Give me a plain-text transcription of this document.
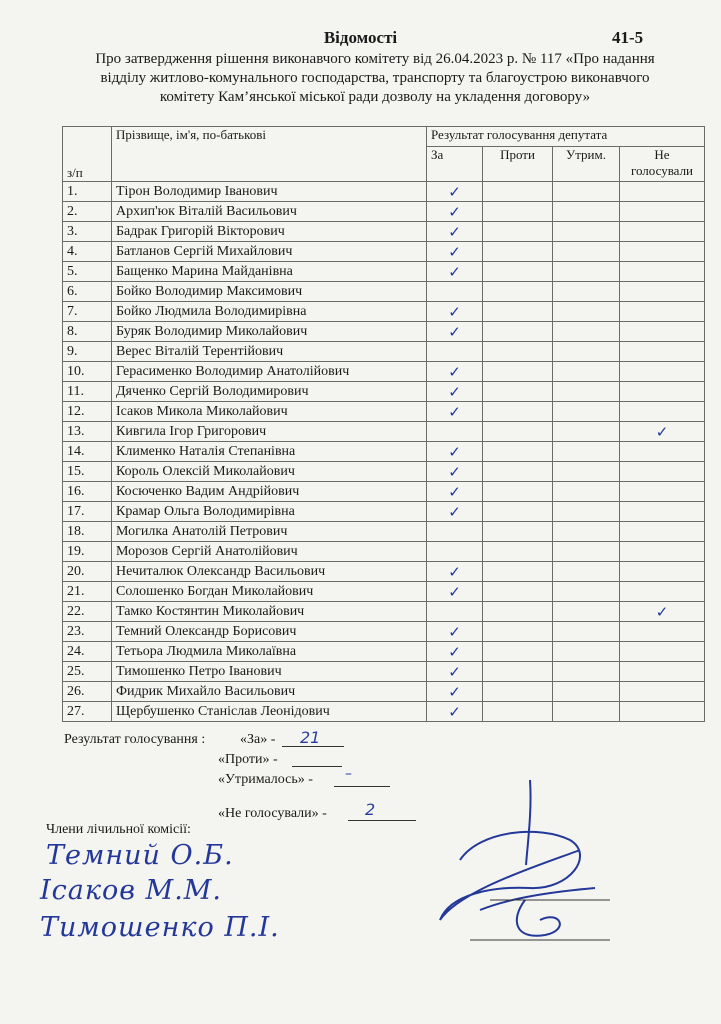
Відомості	41-5
Про затвердження рішення виконавчого комітету від 26.04.2023 р. № 117 «Про надання відділу житлово-комунального господарства, транспорту та благоустрою виконавчого комітету Кам’янської міської ради дозволу на укладення договору»
з/п	Прізвище, ім'я, по-батькові	Результат голосування депутата			
		За	Проти	Утрим.	Не голосували
1.	Тірон Володимир Іванович	✓			
2.	Архип'юк Віталій Васильович	✓			
3.	Бадрак Григорій Вікторович	✓			
4.	Батланов Сергій Михайлович	✓			
5.	Бащенко Марина Майданівна	✓			
6.	Бойко Володимир Максимович				
7.	Бойко Людмила Володимирівна	✓			
8.	Буряк Володимир Миколайович	✓			
9.	Верес Віталій Терентійович				
10.	Герасименко Володимир Анатолійович	✓			
11.	Дяченко Сергій Володимирович	✓			
12.	Ісаков Микола Миколайович	✓			
13.	Кивгила Ігор Григорович				✓
14.	Клименко Наталія Степанівна	✓			
15.	Король Олексій Миколайович	✓			
16.	Косюченко Вадим Андрійович	✓			
17.	Крамар Ольга Володимирівна	✓			
18.	Могилка Анатолій Петрович				
19.	Морозов Сергій Анатолійович				
20.	Нечиталюк Олександр Васильович	✓			
21.	Солошенко Богдан Миколайович	✓			
22.	Тамко Костянтин Миколайович				✓
23.	Темний Олександр Борисович	✓			
24.	Тетьора Людмила Миколаївна	✓			
25.	Тимошенко Петро Іванович	✓			
26.	Фидрик Михайло Васильович	✓			
27.	Щербушенко Станіслав Леонідович	✓			
Результат голосування : «За» - 21
«Проти» -
«Утрималось» - –
«Не голосували» - 2
Члени лічильної комісії:
Темний О.Б.
Ісаков М.М.
Тимошенко П.І.
